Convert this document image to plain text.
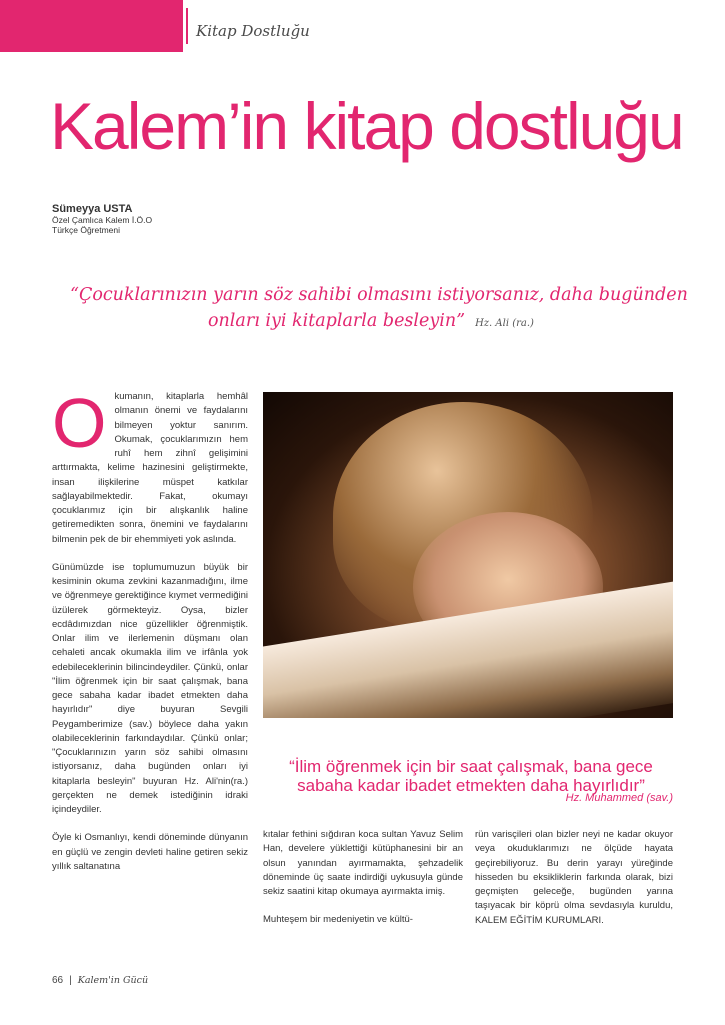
Kitap Dostluğu
Kalem’in kitap dostluğu
Sümeyya USTA
Özel Çamlıca Kalem İ.Ö.O
Türkçe Öğretmeni
“Çocuklarınızın yarın söz sahibi olmasını istiyorsanız, daha bugünden
onları iyi kitaplarla besleyin” Hz. Ali (ra.)

Okumanın, kitaplarla hemhâl olmanın önemi ve faydalarını bilmeyen yoktur sanırım. Okumak, çocuklarımızın hem ruhî hem zihnî gelişimini arttırmakta, kelime hazinesini geliştirmekte, insan ilişkilerine müspet katkılar sağlayabilmektedir. Fakat, okumayı çocuklarımız için bir alışkanlık haline getiremedikten sonra, önemini ve faydalarını bilmenin pek de bir ehemmiyeti yok aslında.

Günümüzde ise toplumumuzun büyük bir kesiminin okuma zevkini kazanmadığını, ilme ve öğrenmeye gerektiğince kıymet vermediğini üzülerek görmekteyiz. Oysa, bizler ecdâdımızdan nice güzellikler öğrenmiştik. Onlar ilim ve ilerlemenin düşmanı olan cehaleti ancak okumakla ilim ve irfânla yok edebileceklerinin bilincindeydiler. Çünkü, onlar "İlim öğrenmek için bir saat çalışmak, bana gece sabaha kadar ibadet etmekten daha hayırlıdır" diye buyuran Sevgili Peygamberimize (sav.) böylece daha yakın olabileceklerinin farkındaydılar. Çünkü onlar; "Çocuklarınızın yarın söz sahibi olmasını istiyorsanız, daha bugünden onları iyi kitaplarla besleyin" buyuran Hz. Ali'nin(ra.) gerçekten ne demek istediğinin idraki içindeydiler.

Öyle ki Osmanlıyı, kendi döneminde dünyanın en güçlü ve zengin devleti haline getiren sekiz yıllık saltanatına

“İlim öğrenmek için bir saat çalışmak, bana gece sabaha kadar ibadet etmekten daha hayırlıdır”
Hz. Muhammed (sav.)

kıtalar fethini sığdıran koca sultan Yavuz Selim Han, develere yüklettiği kütüphanesini bir an olsun yanından ayırmamakta, şehzadelik döneminde üç saate indirdiği uykusuyla günde sekiz saatini kitap okumaya ayırmakta imiş.

Muhteşem bir medeniyetin ve kültü-

rün varisçileri olan bizler neyi ne kadar okuyor veya okuduklarımızı ne ölçüde hayata geçirebiliyoruz. Bu derin yarayı yüreğinde hisseden bu eksikliklerin farkında olarak, bizi geçmişten geleceğe, bugünden yarına taşıyacak bir köprü olma sevdasıyla kuruldu, KALEM EĞİTİM KURUMLARI.

66 | Kalem'in Gücü
